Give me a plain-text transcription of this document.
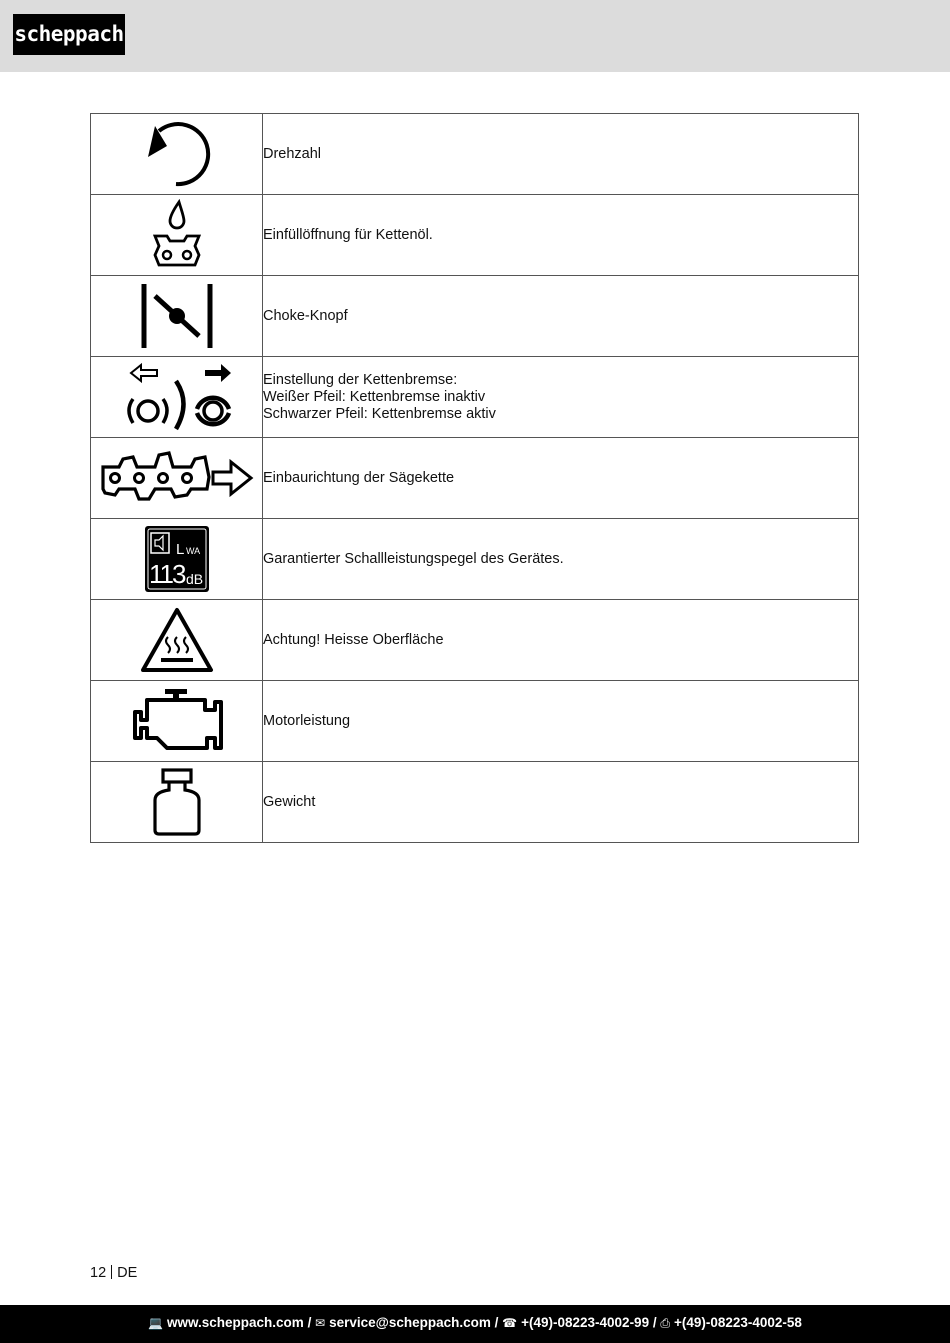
scheppach

Drehzahl

Einfüllöffnung für Kettenöl.

Choke-Knopf

Einstellung der Kettenbremse:
Weißer Pfeil: Kettenbremse inaktiv
Schwarzer Pfeil: Kettenbremse aktiv

Einbaurichtung der Sägekette

L WA
113 dB	Garantierter Schallleistungspegel des Gerätes.

Achtung! Heisse Oberfläche

Motorleistung

Gewicht
12 DE
💻 www.scheppach.com / ✉ service@scheppach.com / ☎ +(49)-08223-4002-99 / ⎙ +(49)-08223-4002-58
